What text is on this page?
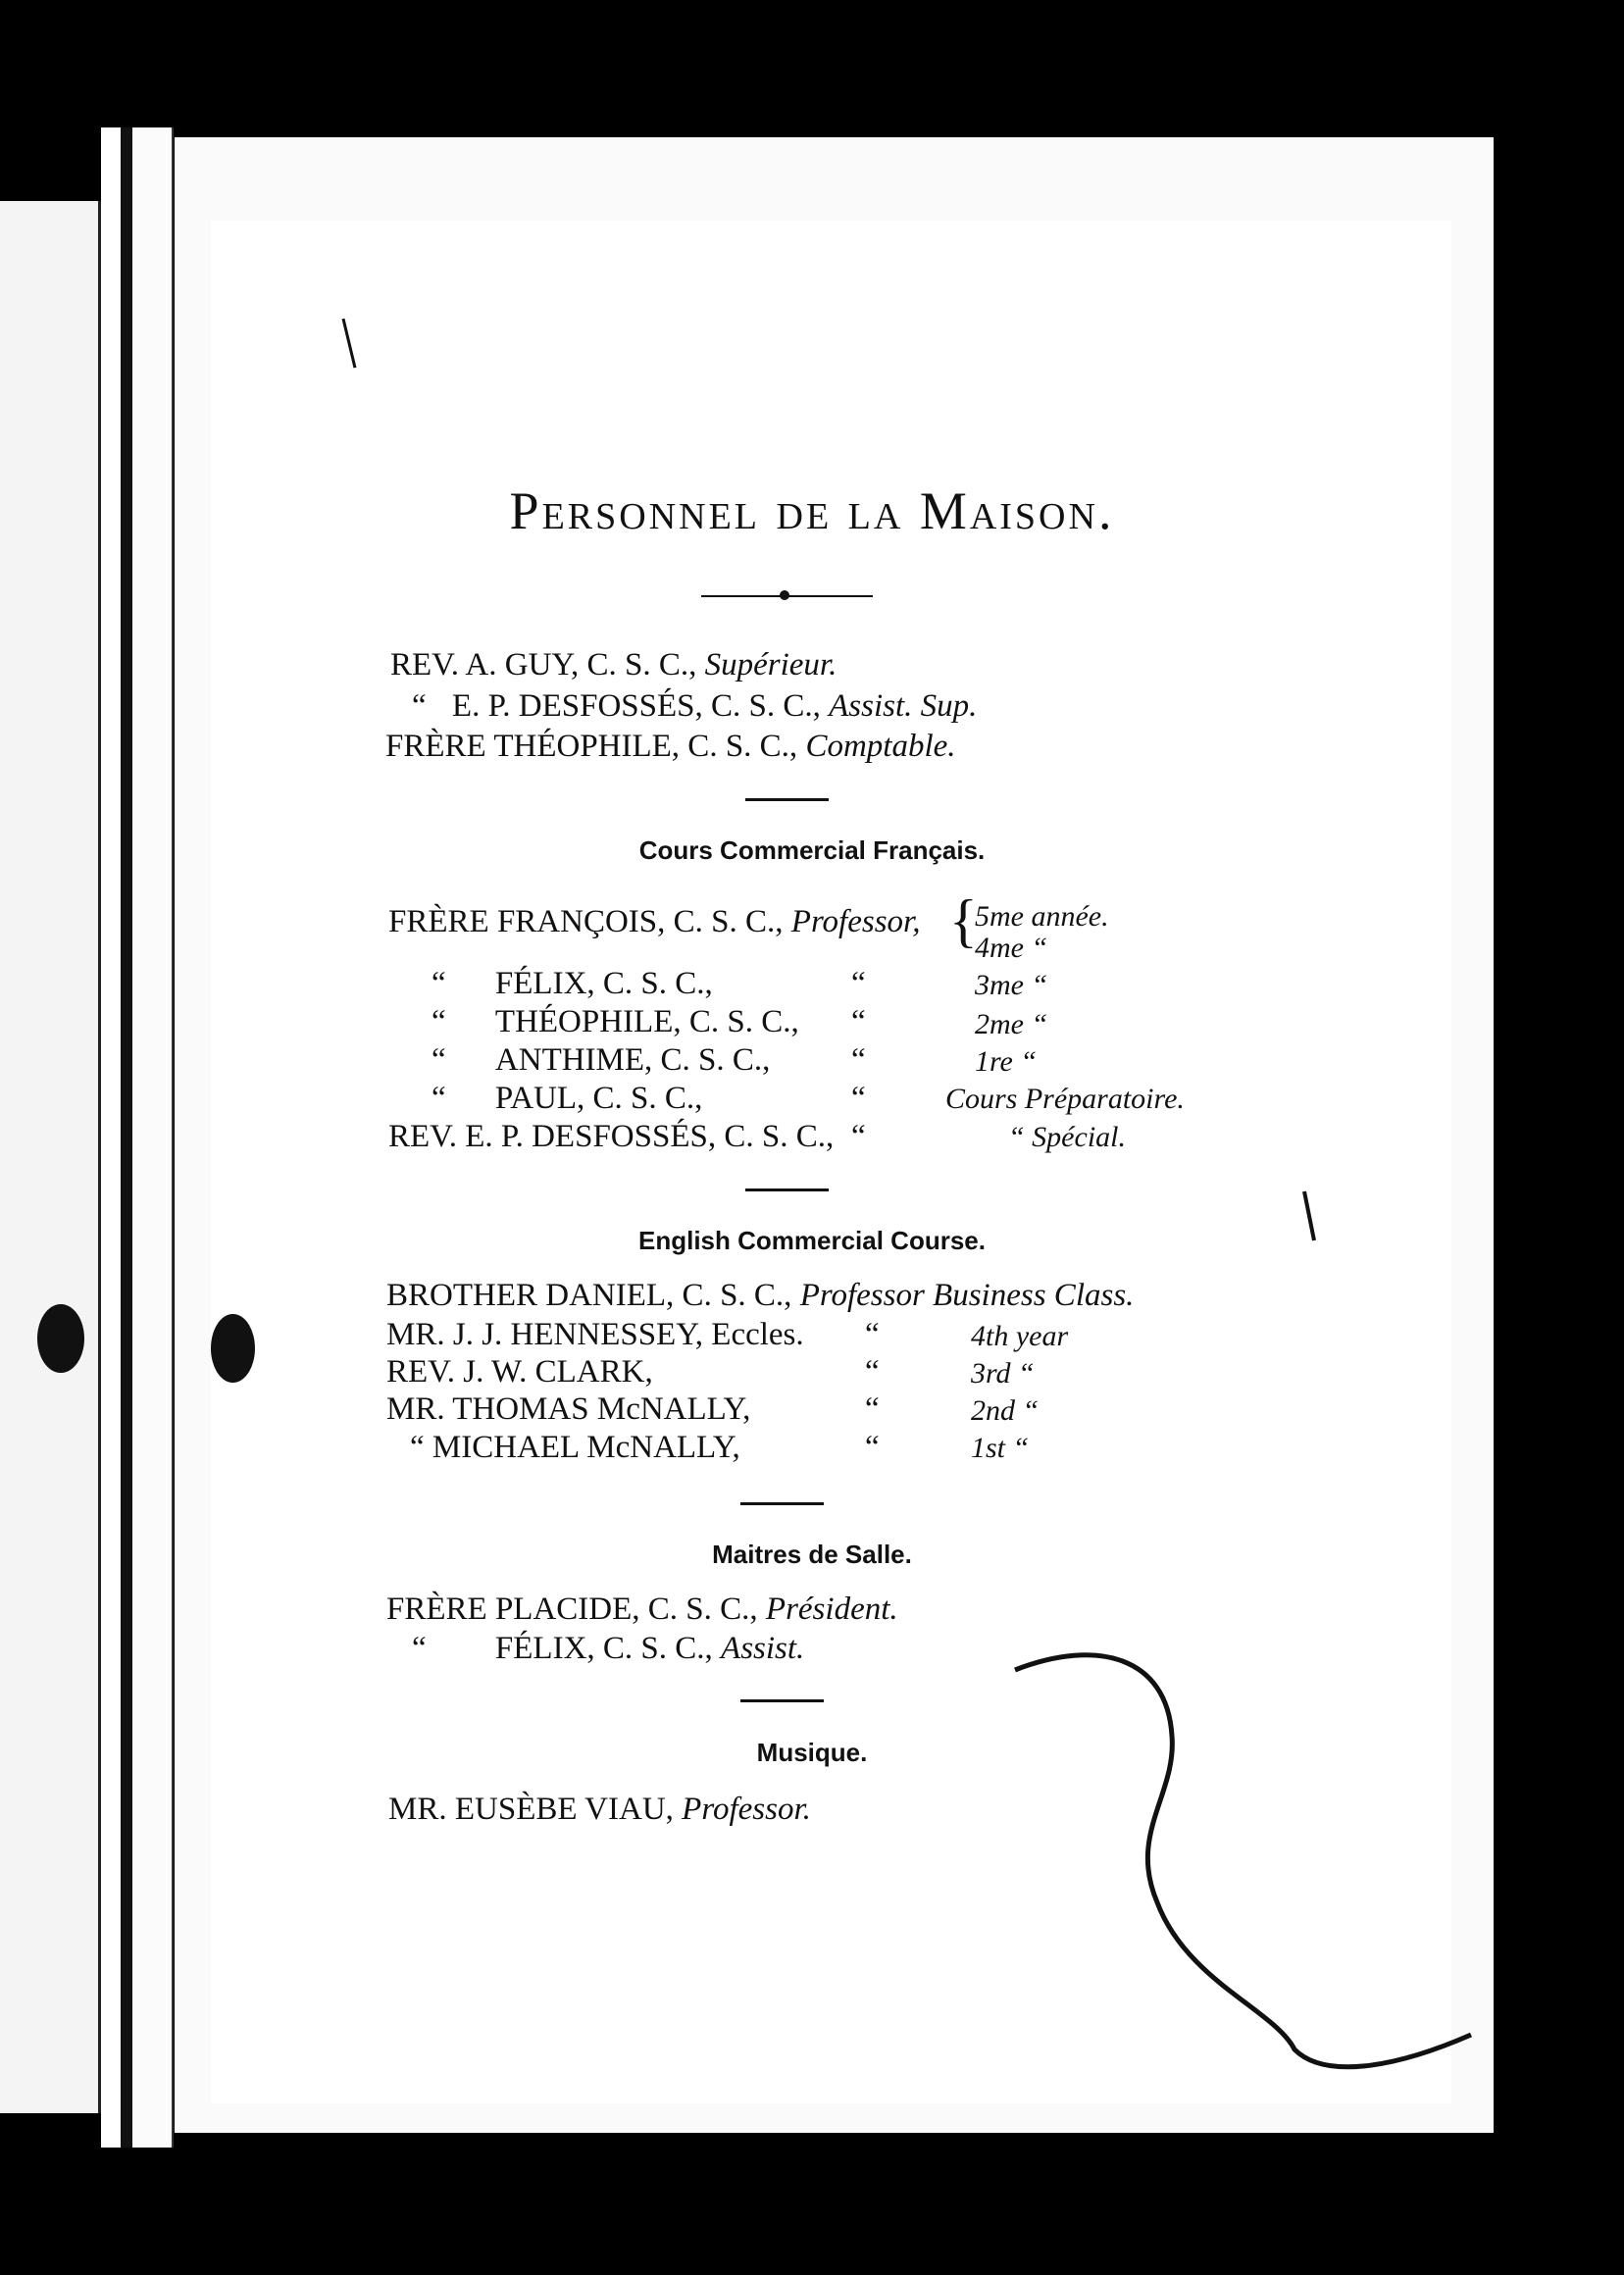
Personnel de la Maison.
REV. A. GUY, C. S. C., Supérieur.
“ E. P. DESFOSSÉS, C. S. C., Assist. Sup.
FRÈRE THÉOPHILE, C. S. C., Comptable.
Cours Commercial Français.
FRÈRE FRANÇOIS, C. S. C., Professor, {
5me année.
4me “
“ FÉLIX, C. S. C.,	“	3me “
“ THÉOPHILE, C. S. C., “	2me “
“ ANTHIME, C. S. C.,	“	1re “
“ PAUL, C. S. C.,	“	Cours Préparatoire.
REV. E. P. DESFOSSÉS, C. S. C., “	“ Spécial.
English Commercial Course.
BROTHER DANIEL, C. S. C., Professor Business Class.
MR. J. J. HENNESSEY, Eccles. “	4th year
REV. J. W. CLARK,	“	3rd “
MR. THOMAS McNALLY,	“	2nd “
“ MICHAEL McNALLY,	“	1st “
Maitres de Salle.
FRÈRE PLACIDE, C. S. C., Président.
“ FÉLIX, C. S. C., Assist.
Musique.
MR. EUSÈBE VIAU, Professor.
